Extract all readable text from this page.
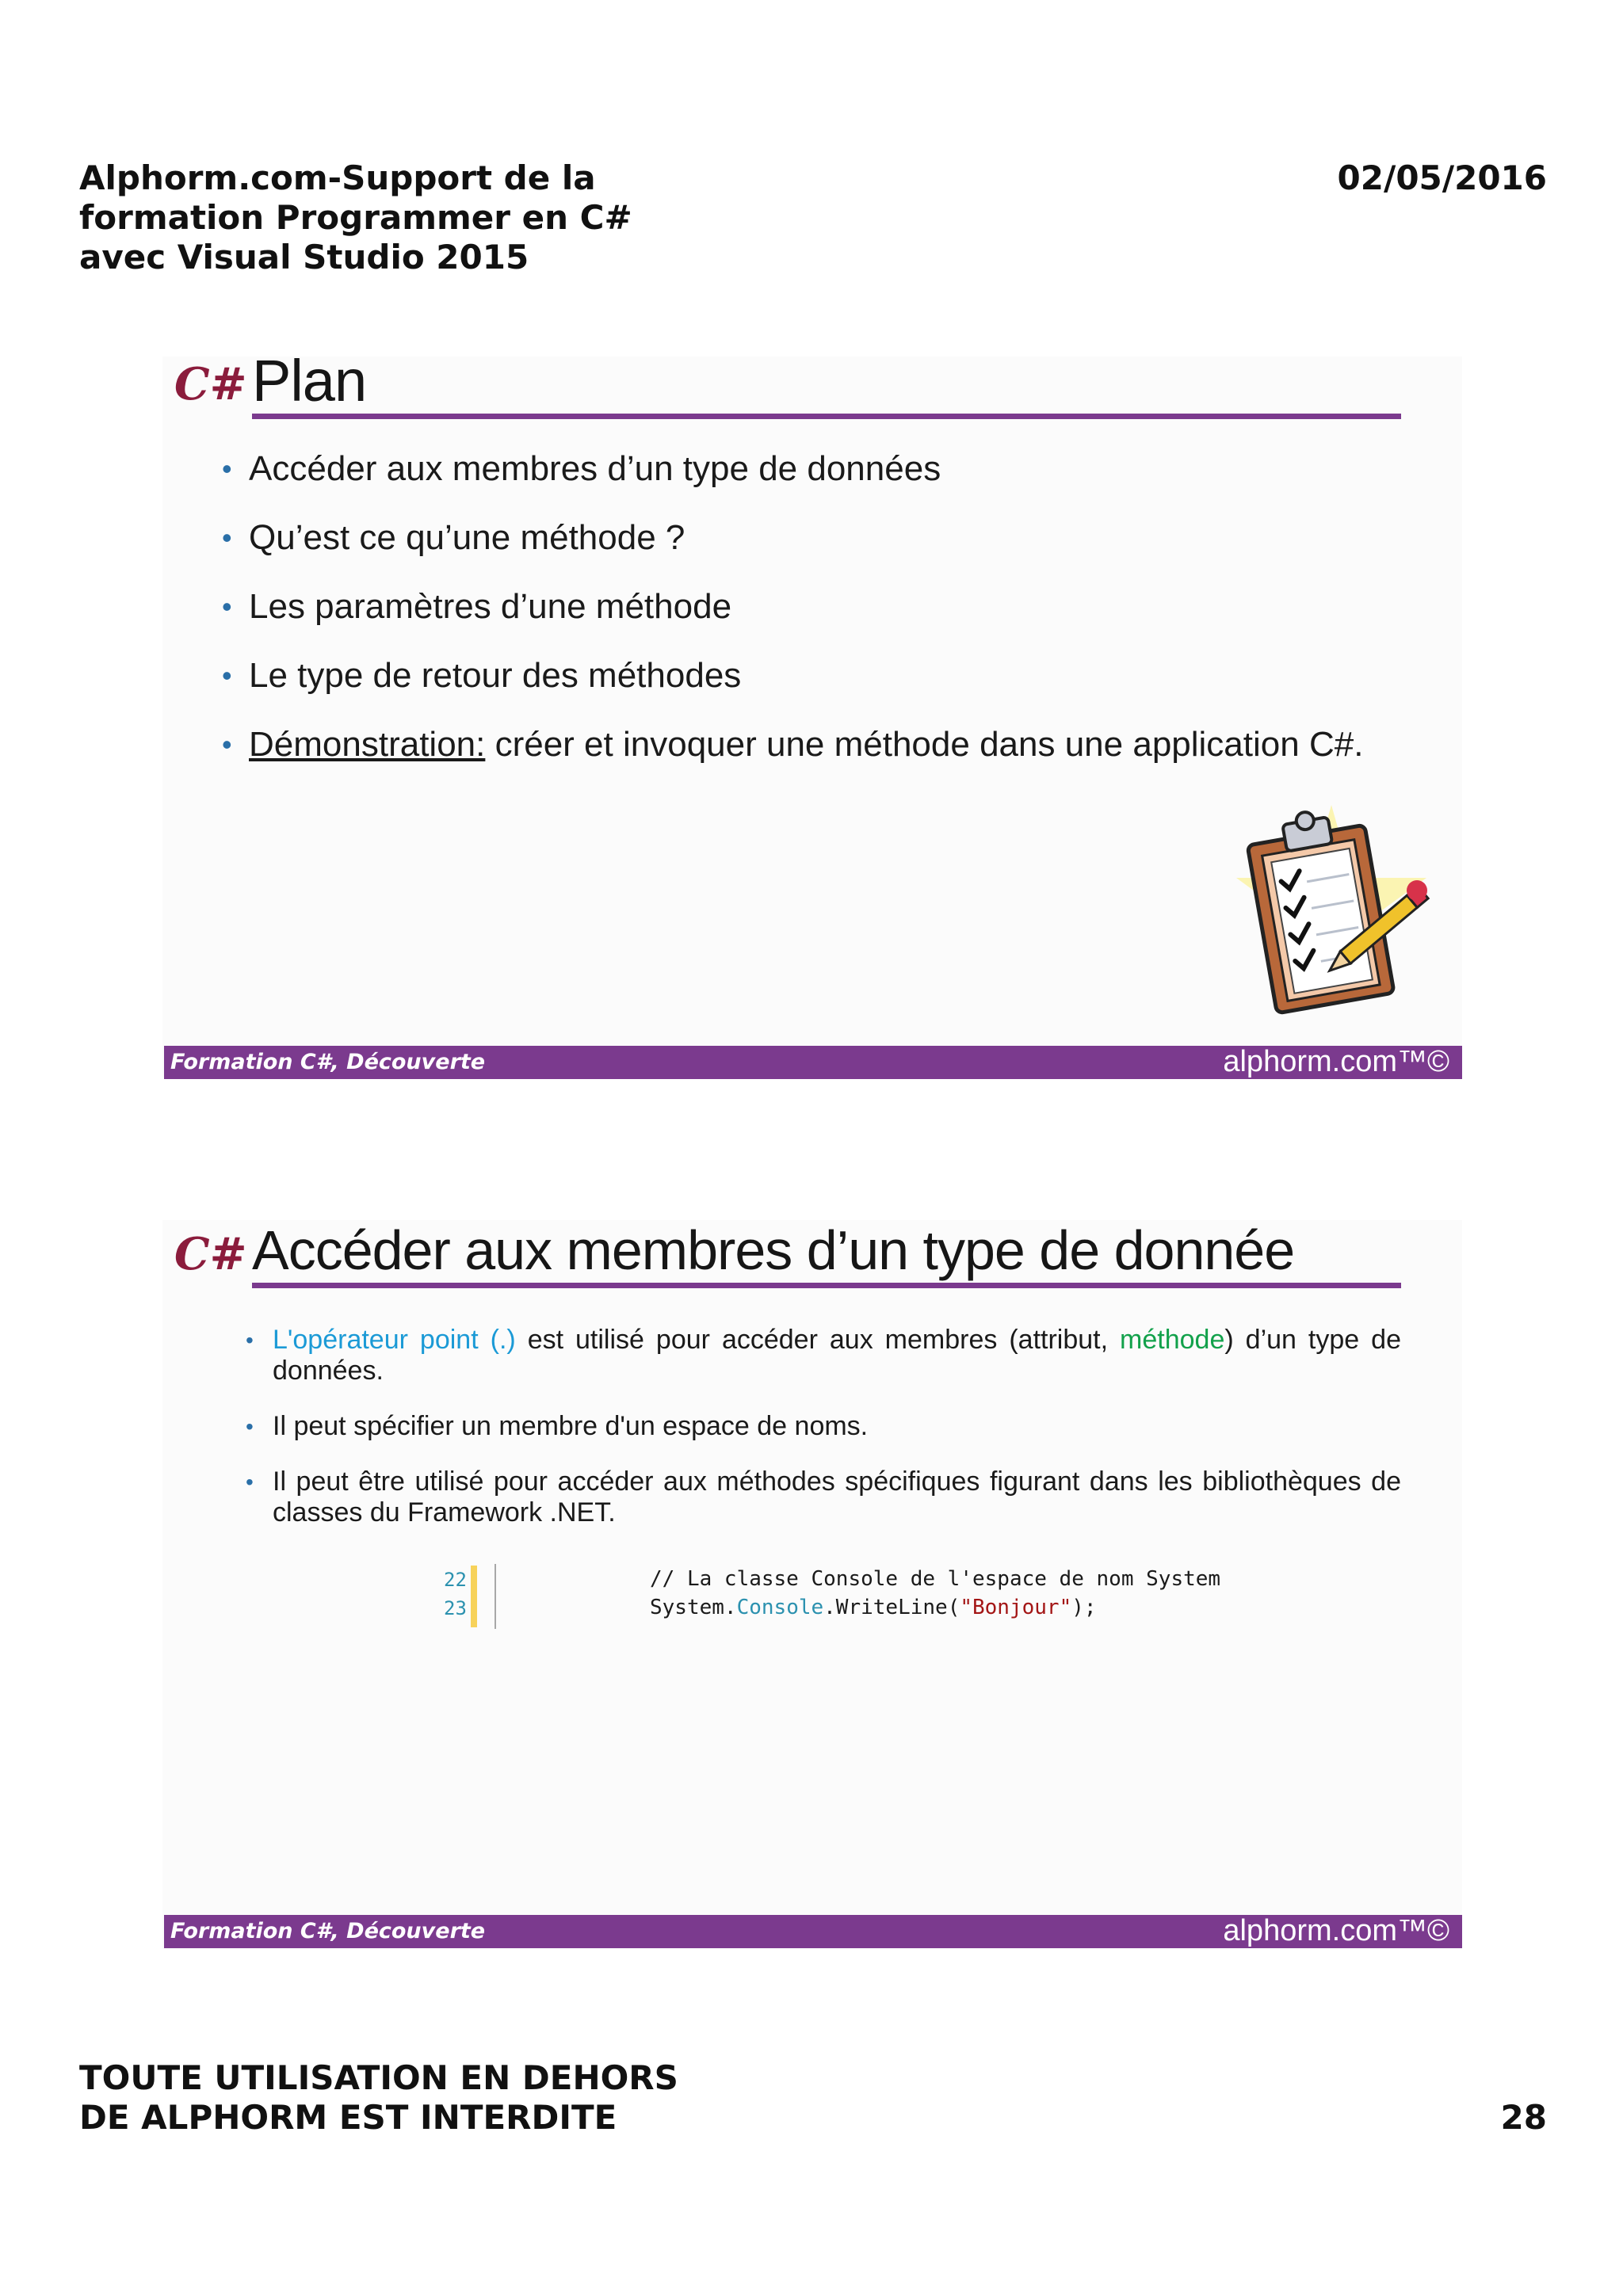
Alphorm.com-Support de la
formation Programmer en C#
avec Visual Studio 2015
02/05/2016
C# Plan
• Accéder aux membres d’un type de données
• Qu’est ce qu’une méthode ?
• Les paramètres d’une méthode
• Le type de retour des méthodes
• Démonstration: créer et invoquer une méthode dans une application C#.
Formation C#, Découverte	alphorm.com™©
C# Accéder aux membres d’un type de donnée
• L'opérateur point (.) est utilisé pour accéder aux membres (attribut, méthode) d’un type de données.
• Il peut spécifier un membre d'un espace de noms.
• Il peut être utilisé pour accéder aux méthodes spécifiques figurant dans les bibliothèques de classes du Framework .NET.
22
23
// La classe Console de l'espace de nom System
System.Console.WriteLine("Bonjour");
Formation C#, Découverte	alphorm.com™©
TOUTE UTILISATION EN DEHORS
DE ALPHORM EST INTERDITE	28
